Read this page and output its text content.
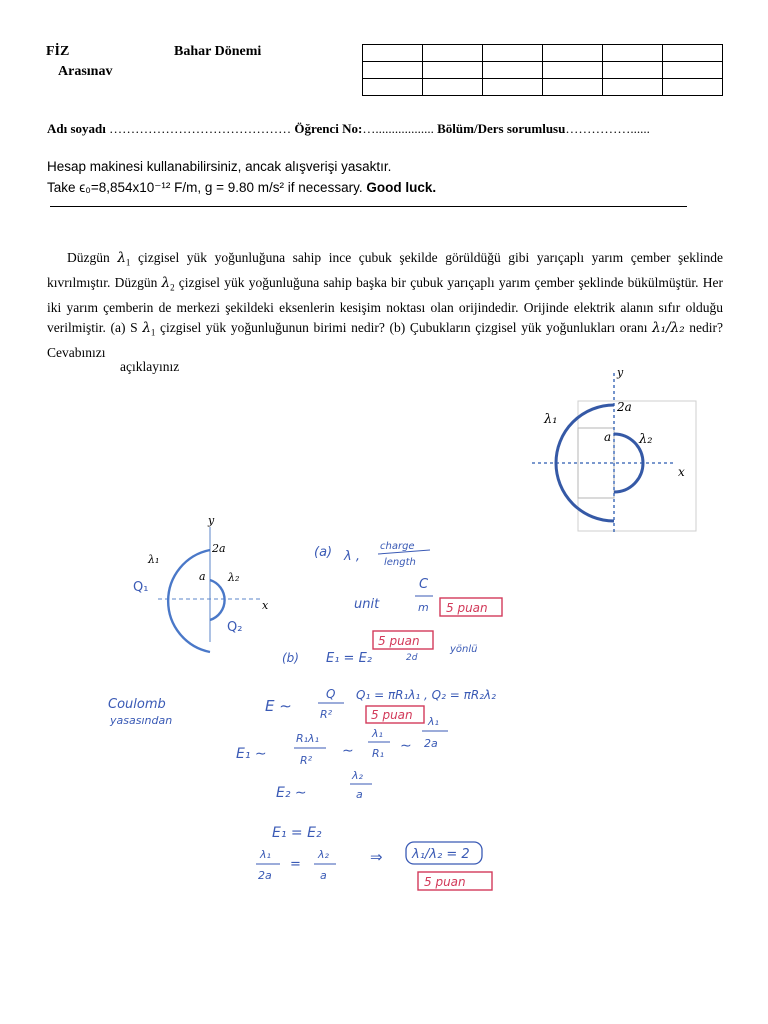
FİZ	Bahar Dönemi
Arasınav

Adı soyadı …………………………………… Öğrenci No:….................. Bölüm/Ders sorumlusu……………......
Hesap makinesi kullanabilirsiniz, ancak alışverişi yasaktır.
Take ϵ₀=8,854x10⁻¹² F/m, g = 9.80 m/s² if necessary. Good luck.
Düzgün $\lambda_1$ çizgisel yük yoğunluğuna sahip ince çubuk şekilde görüldüğü gibi yarıçaplı yarım çember şeklinde kıvrılmıştır. Düzgün $\lambda_2$ çizgisel yük yoğunluğuna sahip başka bir çubuk yarıçaplı yarım çember şeklinde bükülmüştür. Her iki yarım çemberin de merkezi şekildeki eksenlerin kesişim noktası olan orijindedir. Orijinde elektrik alanın sıfır olduğu verilmiştir. (a) S $\lambda_1$ çizgisel yük yoğunluğunun birimi nedir? (b) Çubukların çizgisel yük yoğunlukları oranı λ₁/λ₂ nedir? Cevabınızı
açıklayınız	y
x
2a
a
λ₁
λ₂
y
x
2a
a
λ₁
λ₂
Q₁
Q₂
(a) λ ,
charge
length
unit
C
m 5 puan
(b) E₁ = E₂
5 puan
2d
yönlü
Coulomb
yasasından
E ∼
Q
R²
Q₁ = πR₁λ₁ , Q₂ = πR₂λ₂
5 puan
E₁ ∼
R₁λ₁
R²
∼
λ₁
R₁ ∼
λ₁
2a
E₂ ∼
λ₂
a
E₁ = E₂
λ₁
2a
=
λ₂
a
⇒ λ₁/λ₂ = 2
5 puan
